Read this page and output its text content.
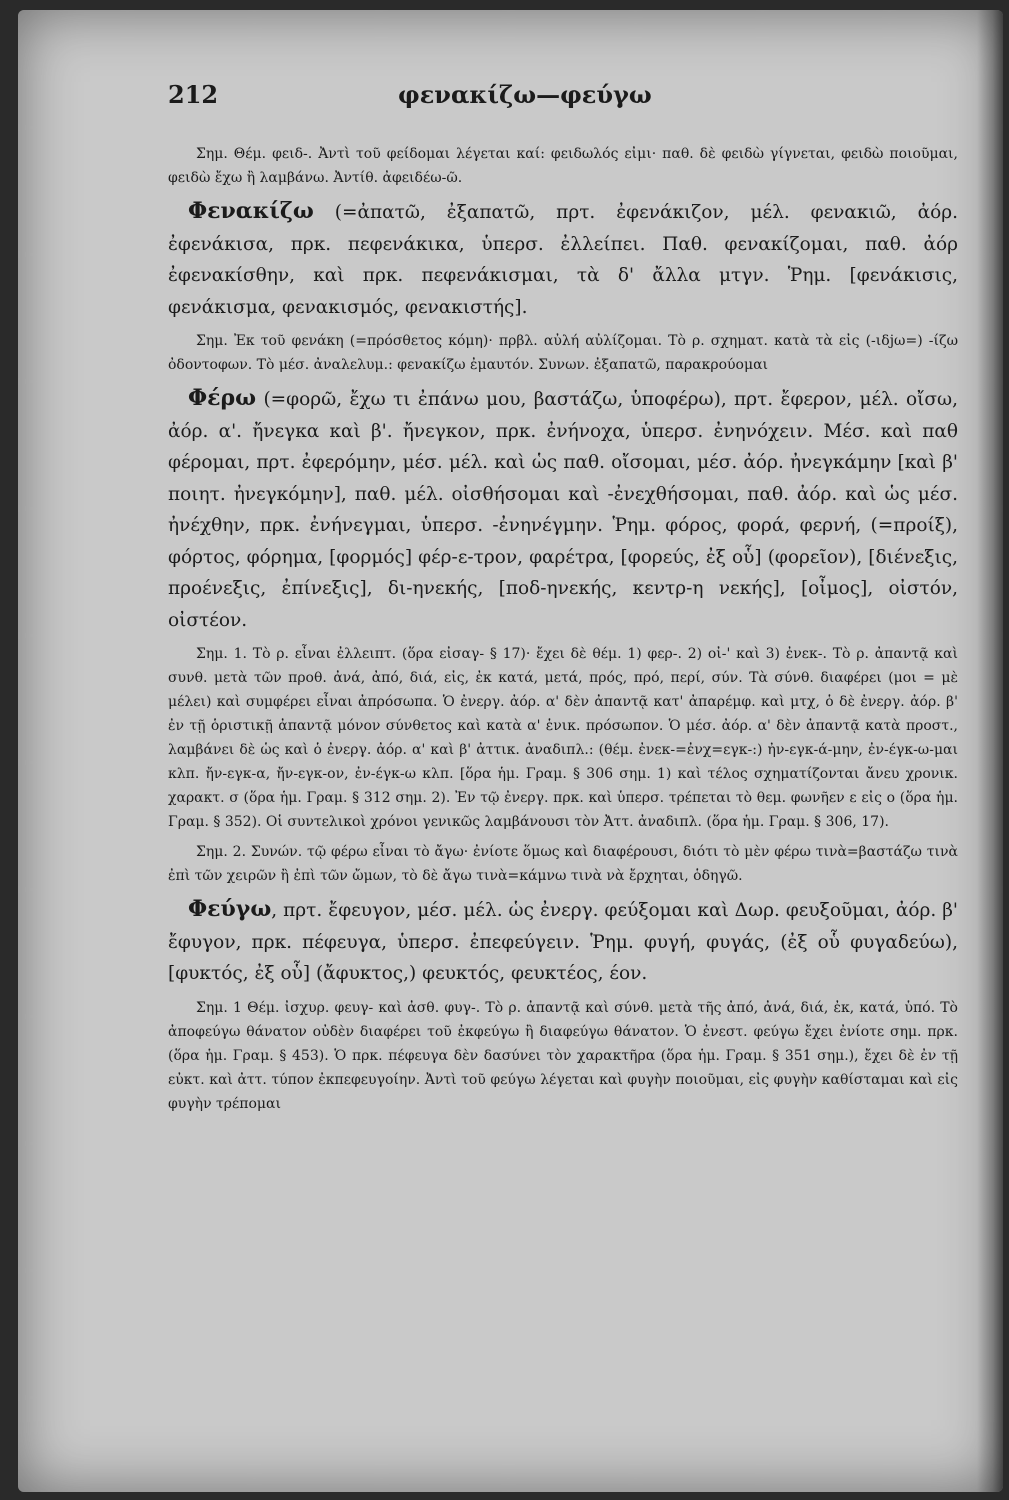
212	φενακίζω—φεύγω

Σημ. Θέμ. φειδ-. Ἀντὶ τοῦ φείδομαι λέγεται καί: φειδωλός εἰμι· παθ. δὲ φειδὼ γίγνεται, φειδὼ ποιοῦμαι, φειδὼ ἔχω ἢ λαμβάνω. Ἀντίθ. ἀφειδέω-ῶ.

Φενακίζω (=ἀπατῶ, ἐξαπατῶ, πρτ. ἐφενάκιζον, μέλ. φενακιῶ, ἀόρ. ἐφενάκισα, πρκ. πεφενάκικα, ὑπερσ. ἐλλείπει. Παθ. φενακίζομαι, παθ. ἀόρ ἐφενακίσθην, καὶ πρκ. πεφενάκισμαι, τὰ δ' ἄλλα μτγν. Ῥημ. [φενάκισις, φενάκισμα, φενακισμός, φενακιστής].

Σημ. Ἐκ τοῦ φενάκη (=πρόσθετος κόμη)· πρβλ. αὐλή αὐλίζομαι. Τὸ ρ. σχηματ. κατὰ τὰ εἰς (-ιδjω=) -ίζω ὀδοντοφων. Τὸ μέσ. ἀναλελυμ.: φενακίζω ἐμαυτόν. Συνων. ἐξαπατῶ, παρακρούομαι

Φέρω (=φορῶ, ἔχω τι ἐπάνω μου, βαστάζω, ὑποφέρω), πρτ. ἔφερον, μέλ. οἴσω, ἀόρ. α'. ἤνεγκα καὶ β'. ἤνεγκον, πρκ. ἐνήνοχα, ὑπερσ. ἐνηνόχειν. Μέσ. καὶ παθ φέρομαι, πρτ. ἐφερόμην, μέσ. μέλ. καὶ ὡς παθ. οἴσομαι, μέσ. ἀόρ. ἠνεγκάμην [καὶ β' ποιητ. ἠνεγκόμην], παθ. μέλ. οἰσθήσομαι καὶ -ἐνεχθήσομαι, παθ. ἀόρ. καὶ ὡς μέσ. ἠνέχθην, πρκ. ἐνήνεγμαι, ὑπερσ. -ἐνηνέγμην. Ῥημ. φόρος, φορά, φερνή, (=προίξ), φόρτος, φόρημα, [φορμός] φέρ-ε-τρον, φαρέτρα, [φορεύς, ἐξ οὗ] (φορεῖον), [διένεξις, προένεξις, ἐπίνεξις], δι-ηνεκής, [ποδ-ηνεκής, κεντρ-η νεκής], [οἶμος], οἰστόν, οἰστέον.

Σημ. 1. Τὸ ρ. εἶναι ἐλλειπτ. (ὅρα εἰσαγ- § 17)· ἔχει δὲ θέμ. 1) φερ-. 2) οἰ-' καὶ 3) ἐνεκ-. Τὸ ρ. ἀπαντᾷ καὶ συνθ. μετὰ τῶν προθ. ἀνά, ἀπό, διά, εἰς, ἐκ κατά, μετά, πρός, πρό, περί, σύν. Τὰ σύνθ. διαφέρει (μοι = μὲ μέλει) καὶ συμφέρει εἶναι ἀπρόσωπα. Ὁ ἐνεργ. ἀόρ. α' δὲν ἀπαντᾷ κατ' ἀπαρέμφ. καὶ μτχ, ὁ δὲ ἐνεργ. ἀόρ. β' ἐν τῇ ὁριστικῇ ἀπαντᾷ μόνον σύνθετος καὶ κατὰ α' ἑνικ. πρόσωπον. Ὁ μέσ. ἀόρ. α' δὲν ἀπαντᾷ κατὰ προστ., λαμβάνει δὲ ὡς καὶ ὁ ἐνεργ. ἀόρ. α' καὶ β' ἀττικ. ἀναδιπλ.: (θέμ. ἐνεκ-=ἐνχ=εγκ-:) ἠν-εγκ-ά-μην, ἐν-έγκ-ω-μαι κλπ. ἤν-εγκ-α, ἤν-εγκ-ον, ἐν-έγκ-ω κλπ. [ὅρα ἡμ. Γραμ. § 306 σημ. 1) καὶ τέλος σχηματίζονται ἄνευ χρονικ. χαρακτ. σ (ὅρα ἡμ. Γραμ. § 312 σημ. 2). Ἐν τῷ ἐνεργ. πρκ. καὶ ὑπερσ. τρέπεται τὸ θεμ. φωνῆεν ε εἰς ο (ὅρα ἡμ. Γραμ. § 352). Οἱ συντελικοὶ χρόνοι γενικῶς λαμβάνουσι τὸν Ἀττ. ἀναδιπλ. (ὅρα ἡμ. Γραμ. § 306, 17).

Σημ. 2. Συνών. τῷ φέρω εἶναι τὸ ἄγω· ἐνίοτε ὅμως καὶ διαφέρουσι, διότι τὸ μὲν φέρω τινὰ=βαστάζω τινὰ ἐπὶ τῶν χειρῶν ἢ ἐπὶ τῶν ὤμων, τὸ δὲ ἄγω τινὰ=κάμνω τινὰ νὰ ἔρχηται, ὁδηγῶ.

Φεύγω, πρτ. ἔφευγον, μέσ. μέλ. ὡς ἐνεργ. φεύξομαι καὶ Δωρ. φευξοῦμαι, ἀόρ. β' ἔφυγον, πρκ. πέφευγα, ὑπερσ. ἐπεφεύγειν. Ῥημ. φυγή, φυγάς, (ἐξ οὗ φυγαδεύω), [φυκτός, ἐξ οὗ] (ἄφυκτος,) φευκτός, φευκτέος, έον.

Σημ. 1 Θέμ. ἰσχυρ. φευγ- καὶ ἀσθ. φυγ-. Τὸ ρ. ἀπαντᾷ καὶ σύνθ. μετὰ τῆς ἀπό, ἀνά, διά, ἐκ, κατά, ὑπό. Τὸ ἀποφεύγω θάνατον οὐδὲν διαφέρει τοῦ ἐκφεύγω ἢ διαφεύγω θάνατον. Ὁ ἐνεστ. φεύγω ἔχει ἐνίοτε σημ. πρκ. (ὅρα ἡμ. Γραμ. § 453). Ὁ πρκ. πέφευγα δὲν δασύνει τὸν χαρακτῆρα (ὅρα ἡμ. Γραμ. § 351 σημ.), ἔχει δὲ ἐν τῇ εὐκτ. καὶ ἀττ. τύπον ἐκπεφευγοίην. Ἀντὶ τοῦ φεύγω λέγεται καὶ φυγὴν ποιοῦμαι, εἰς φυγὴν καθίσταμαι καὶ εἰς φυγὴν τρέπομαι
